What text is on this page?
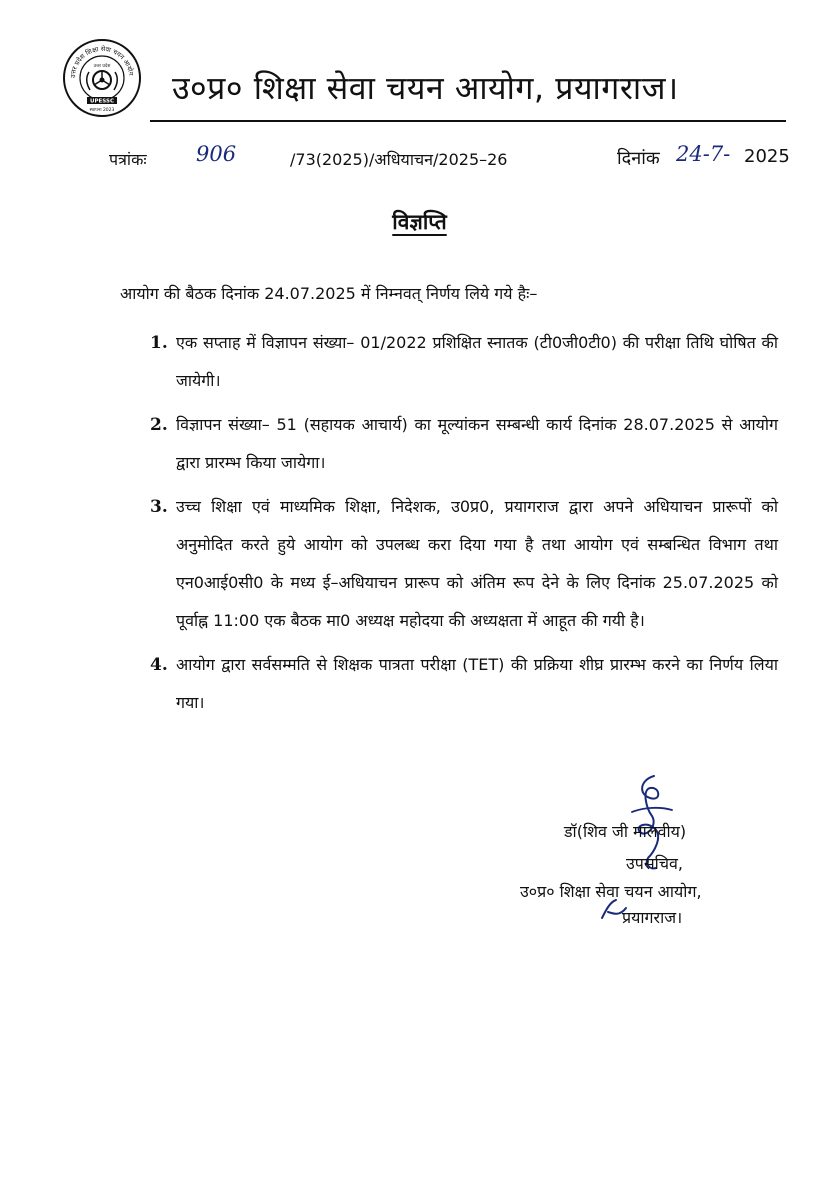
उत्तर प्रदेश शिक्षा सेवा चयन आयोग
उत्तर प्रदेश
UPESSC
स्थापना 2023
उ०प्र० शिक्षा सेवा चयन आयोग, प्रयागराज।
पत्रांकः 906	/73(2025)/अधियाचन/2025–26	दिनांक 24-7- 2025
विज्ञप्ति

आयोग की बैठक दिनांक 24.07.2025 में निम्नवत् निर्णय लिये गये हैः–

1. एक सप्ताह में विज्ञापन संख्या– 01/2022 प्रशिक्षित स्नातक (टी0जी0टी0) की परीक्षा तिथि घोषित की जायेगी।
2. विज्ञापन संख्या– 51 (सहायक आचार्य) का मूल्यांकन सम्बन्धी कार्य दिनांक 28.07.2025 से आयोग द्वारा प्रारम्भ किया जायेगा।
3. उच्च शिक्षा एवं माध्यमिक शिक्षा, निदेशक, उ0प्र0, प्रयागराज द्वारा अपने अधियाचन प्रारूपों को अनुमोदित करते हुये आयोग को उपलब्ध करा दिया गया है तथा आयोग एवं सम्बन्धित विभाग तथा एन0आई0सी0 के मध्य ई–अधियाचन प्रारूप को अंतिम रूप देने के लिए दिनांक 25.07.2025 को पूर्वाह्न 11:00 एक बैठक मा0 अध्यक्ष महोदया की अध्यक्षता में आहूत की गयी है।
4. आयोग द्वारा सर्वसम्मति से शिक्षक पात्रता परीक्षा (TET) की प्रक्रिया शीघ्र प्रारम्भ करने का निर्णय लिया गया।
डॉ(शिव जी मालवीय)
उपसचिव,
उ०प्र० शिक्षा सेवा चयन आयोग,
प्रयागराज।
